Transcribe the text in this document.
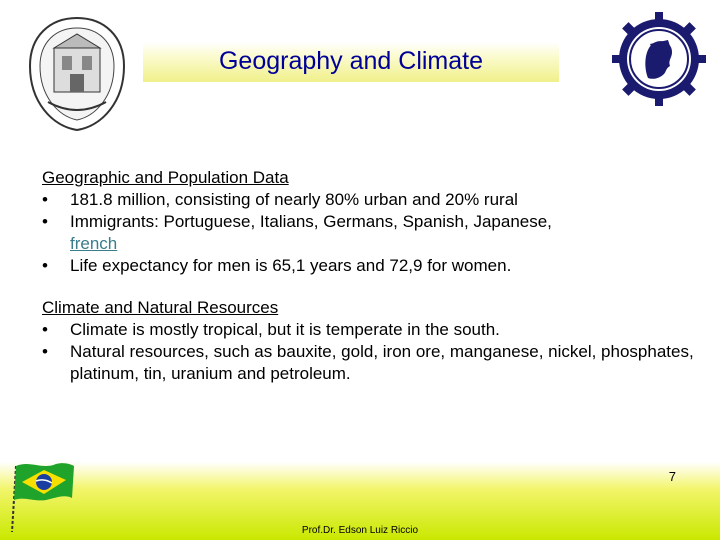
Geography and Climate
Geographic and Population Data
•	181.8 million, consisting of nearly 80% urban and 20% rural
•	Immigrants: Portuguese, Italians, Germans, Spanish, Japanese,
french
•	Life expectancy for men is 65,1 years and 72,9 for women.
Climate and Natural Resources
•	Climate is mostly tropical, but it is temperate in the south.
•	Natural resources, such as bauxite, gold, iron ore, manganese, nickel, phosphates, platinum, tin, uranium and petroleum.
7
Prof.Dr. Edson Luiz Riccio
